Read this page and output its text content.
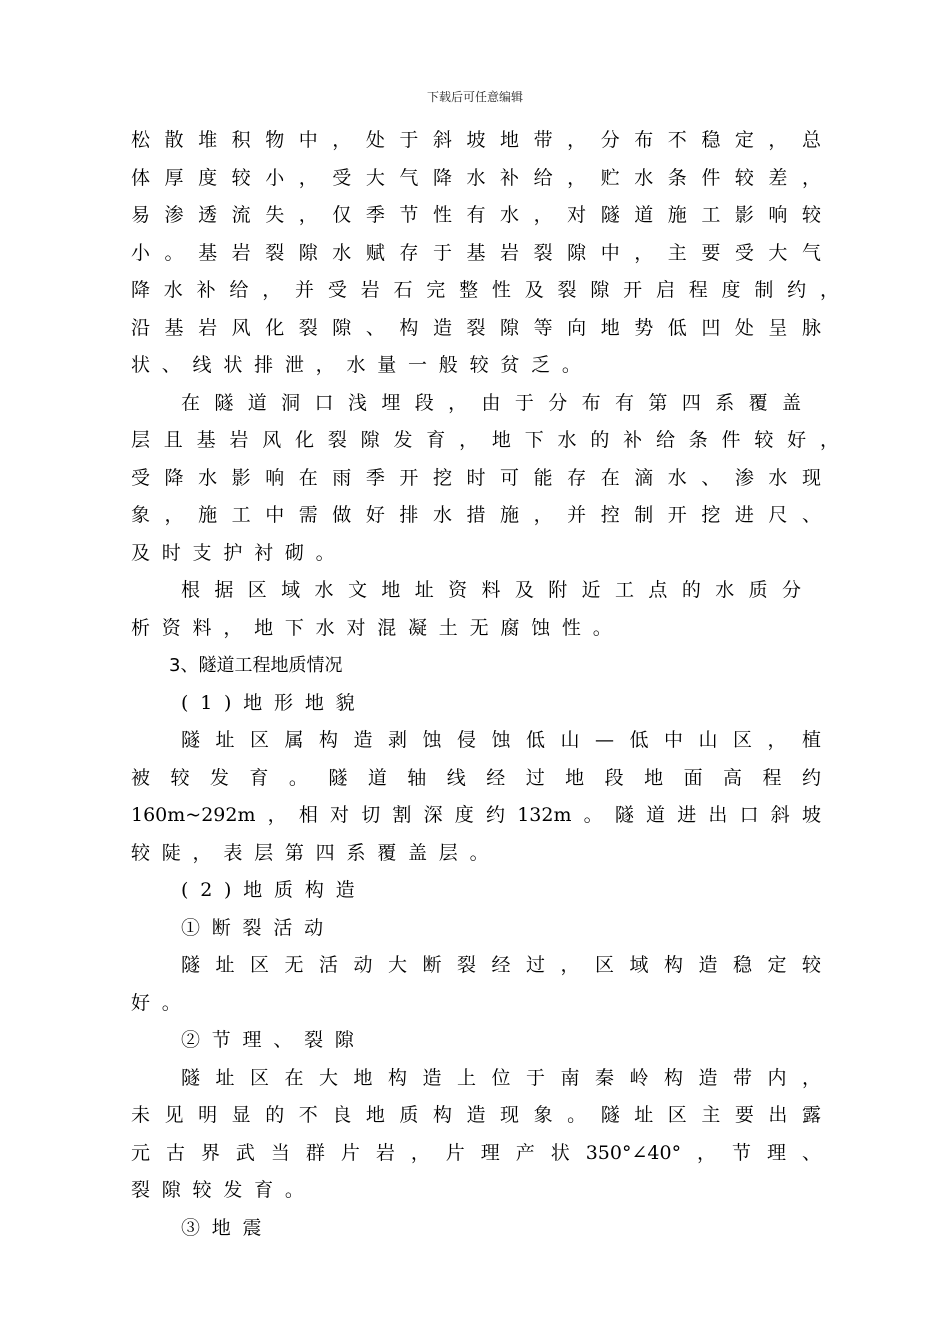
下载后可任意编辑
松散堆积物中，处于斜坡地带，分布不稳定，总
体厚度较小，受大气降水补给，贮水条件较差，
易渗透流失，仅季节性有水，对隧道施工影响较
小。基岩裂隙水赋存于基岩裂隙中，主要受大气
降水补给，并受岩石完整性及裂隙开启程度制约，
沿基岩风化裂隙、构造裂隙等向地势低凹处呈脉
状、线状排泄，水量一般较贫乏。
在隧道洞口浅埋段，由于分布有第四系覆盖
层且基岩风化裂隙发育，地下水的补给条件较好，
受降水影响在雨季开挖时可能存在滴水、渗水现
象，施工中需做好排水措施，并控制开挖进尺、
及时支护衬砌。
根据区域水文地址资料及附近工点的水质分
析资料，地下水对混凝土无腐蚀性。
3、隧道工程地质情况
(1)地形地貌
隧址区属构造剥蚀侵蚀低山—低中山区，植
被较发育。隧道轴线经过地段地面高程约
160m~292m，相对切割深度约132m。隧道进出口斜坡
较陡，表层第四系覆盖层。
(2)地质构造
①断裂活动
隧址区无活动大断裂经过，区域构造稳定较
好。
②节理、裂隙
隧址区在大地构造上位于南秦岭构造带内，
未见明显的不良地质构造现象。隧址区主要出露
元古界武当群片岩，片理产状350°∠40°，节理、
裂隙较发育。
③地震
